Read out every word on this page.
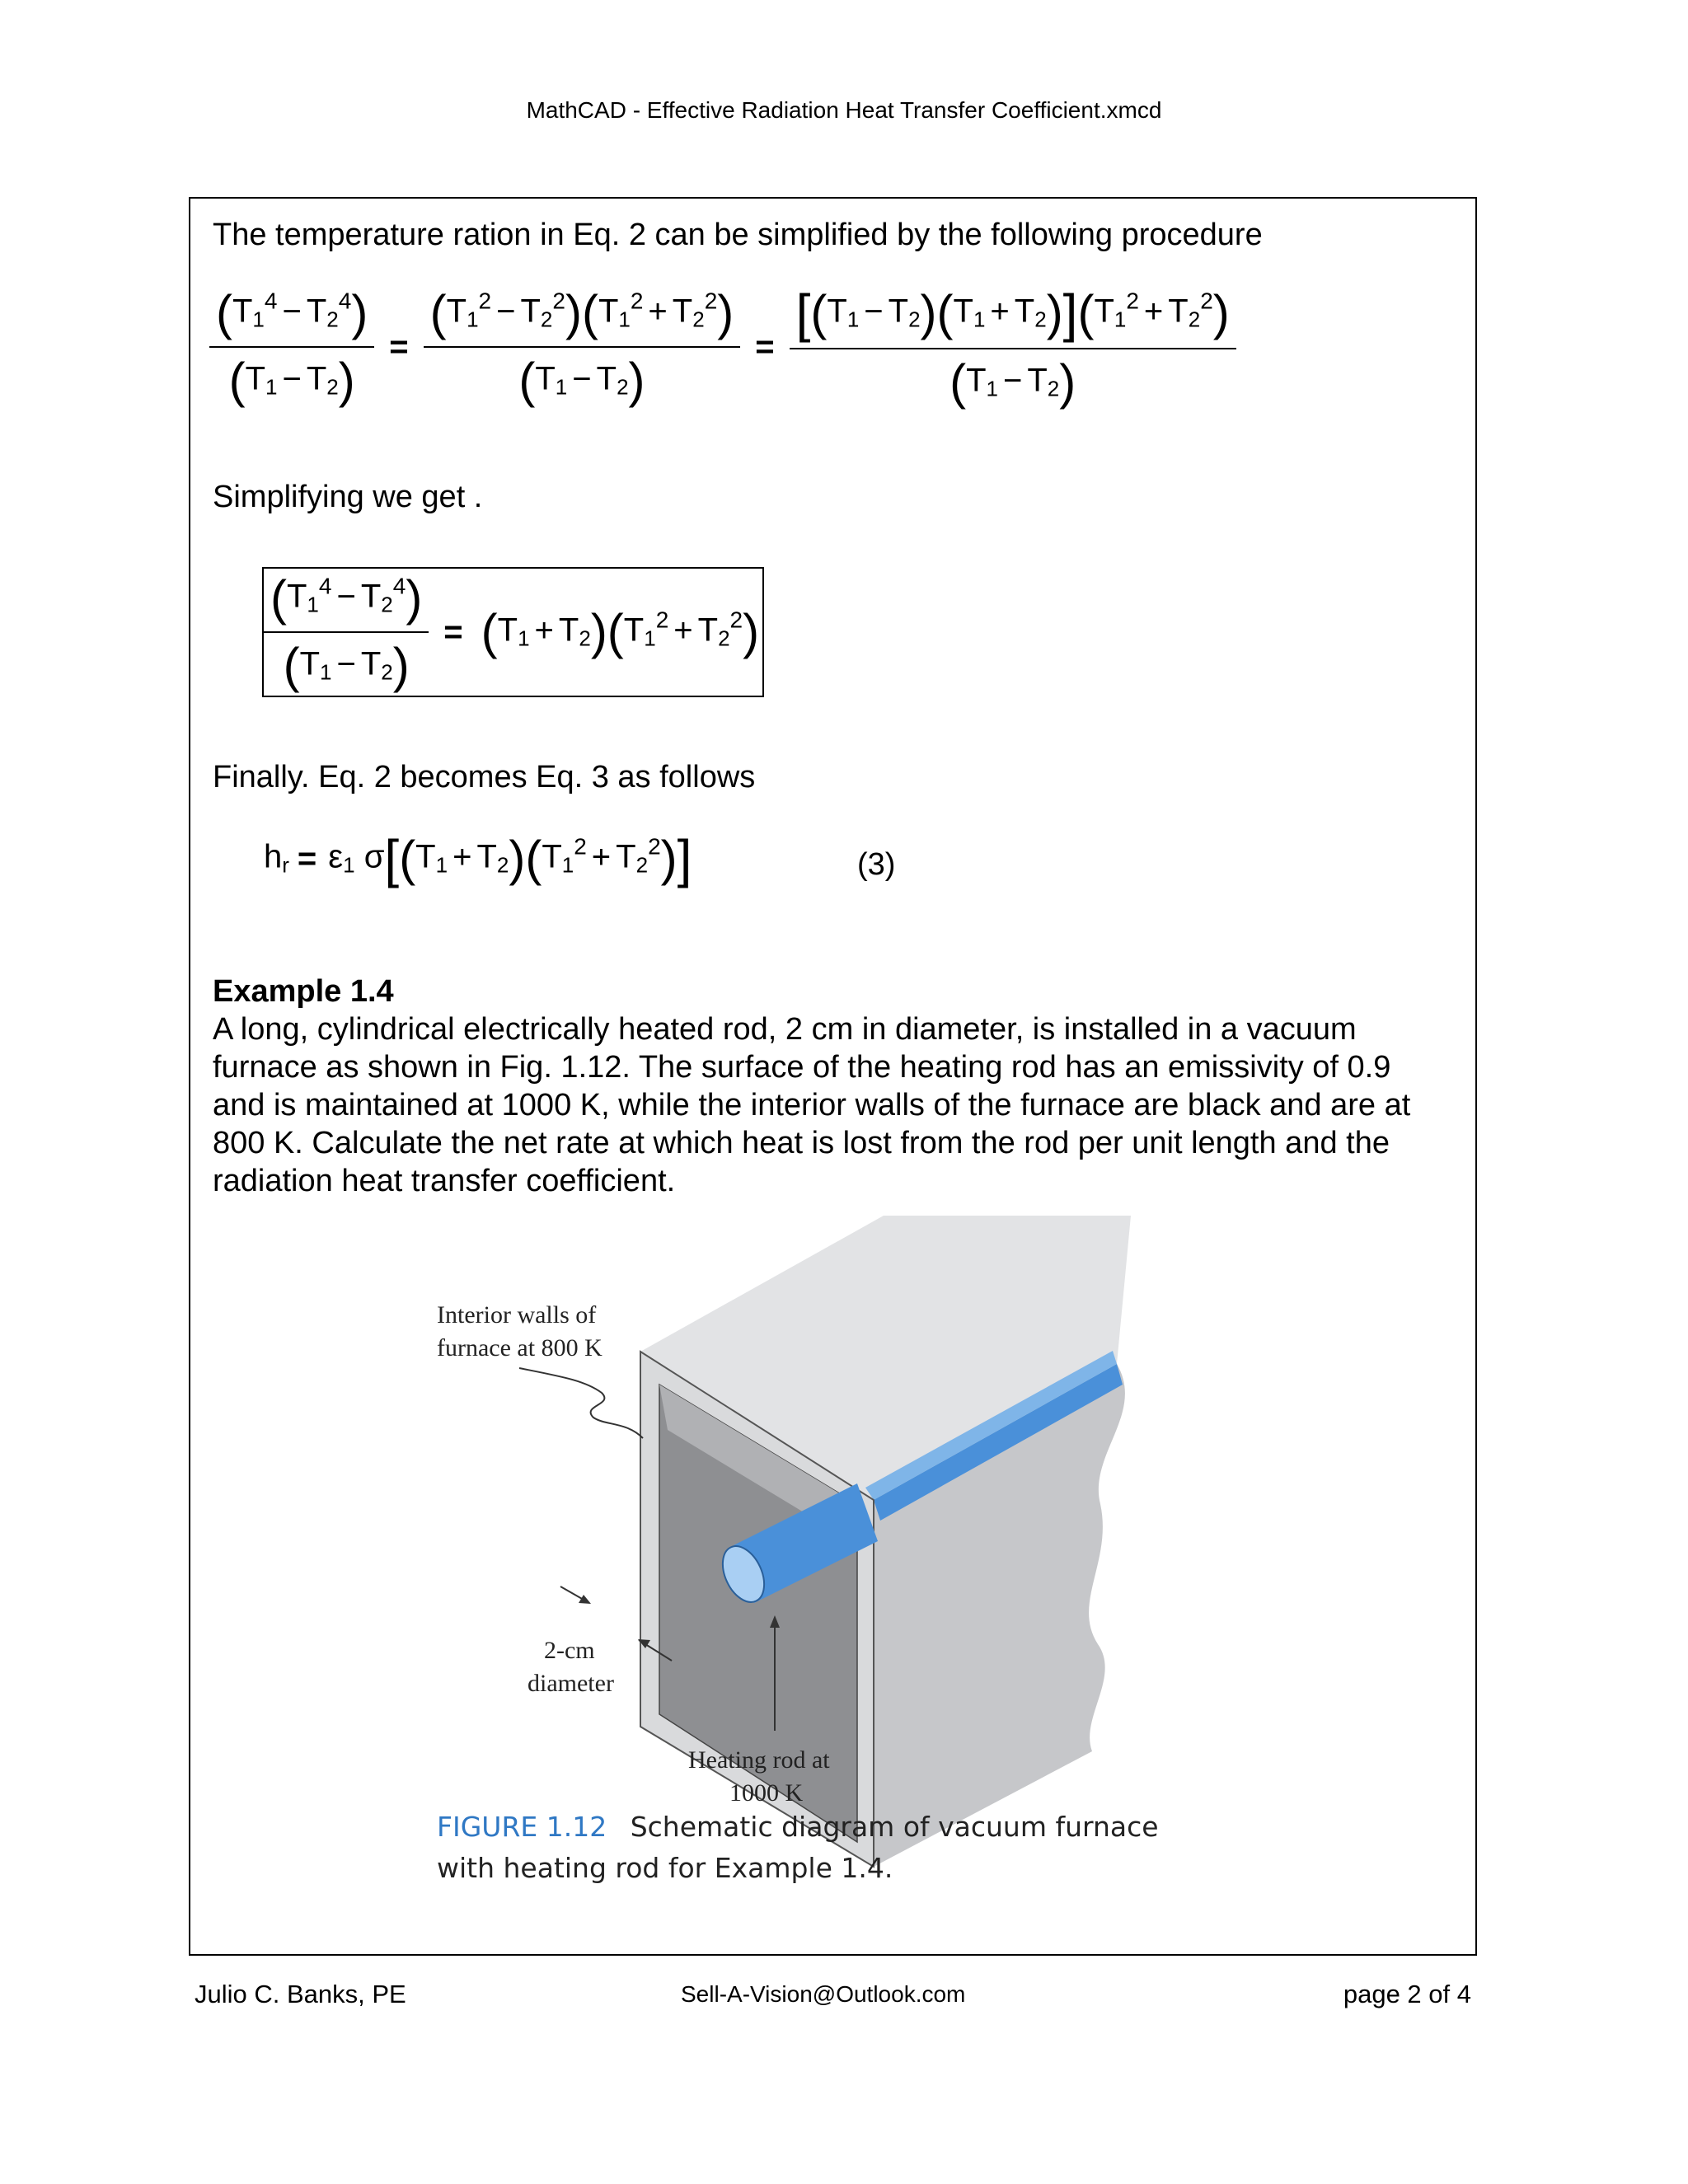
MathCAD - Effective Radiation Heat Transfer Coefficient.xmcd
The temperature ration in Eq. 2 can be simplified by the following procedure
$\frac{(T_1^4 - T_2^4)}{(T_1 - T_2)} = \frac{(T_1^2 - T_2^2)(T_1^2 + T_2^2)}{(T_1 - T_2)} = \frac{[(T_1 - T_2)(T_1 + T_2)](T_1^2 + T_2^2)}{(T_1 - T_2)}$
Simplifying we get .
$\frac{(T_1^4 - T_2^4)}{(T_1 - T_2)} = (T_1 + T_2)(T_1^2 + T_2^2)$
Finally. Eq. 2 becomes Eq. 3 as follows
$h_r = \varepsilon_1$ $\sigma[(T_1 + T_2)(T_1^2 + T_2^2)]$	(3)
Example 1.4
A long, cylindrical electrically heated rod, 2 cm in diameter, is installed in a vacuum furnace as shown in Fig. 1.12. The surface of the heating rod has an emissivity of 0.9 and is maintained at 1000 K, while the interior walls of the furnace are black and are at 800 K. Calculate the net rate at which heat is lost from the rod per unit length and the radiation heat transfer coefficient.
Interior walls of
furnace at 800 K
2-cm
diameter
Heating rod at
1000 K
FIGURE 1.12 Schematic diagram of vacuum furnace
with heating rod for Example 1.4.
Julio C. Banks, PE	Sell-A-Vision@Outlook.com	page 2 of 4
